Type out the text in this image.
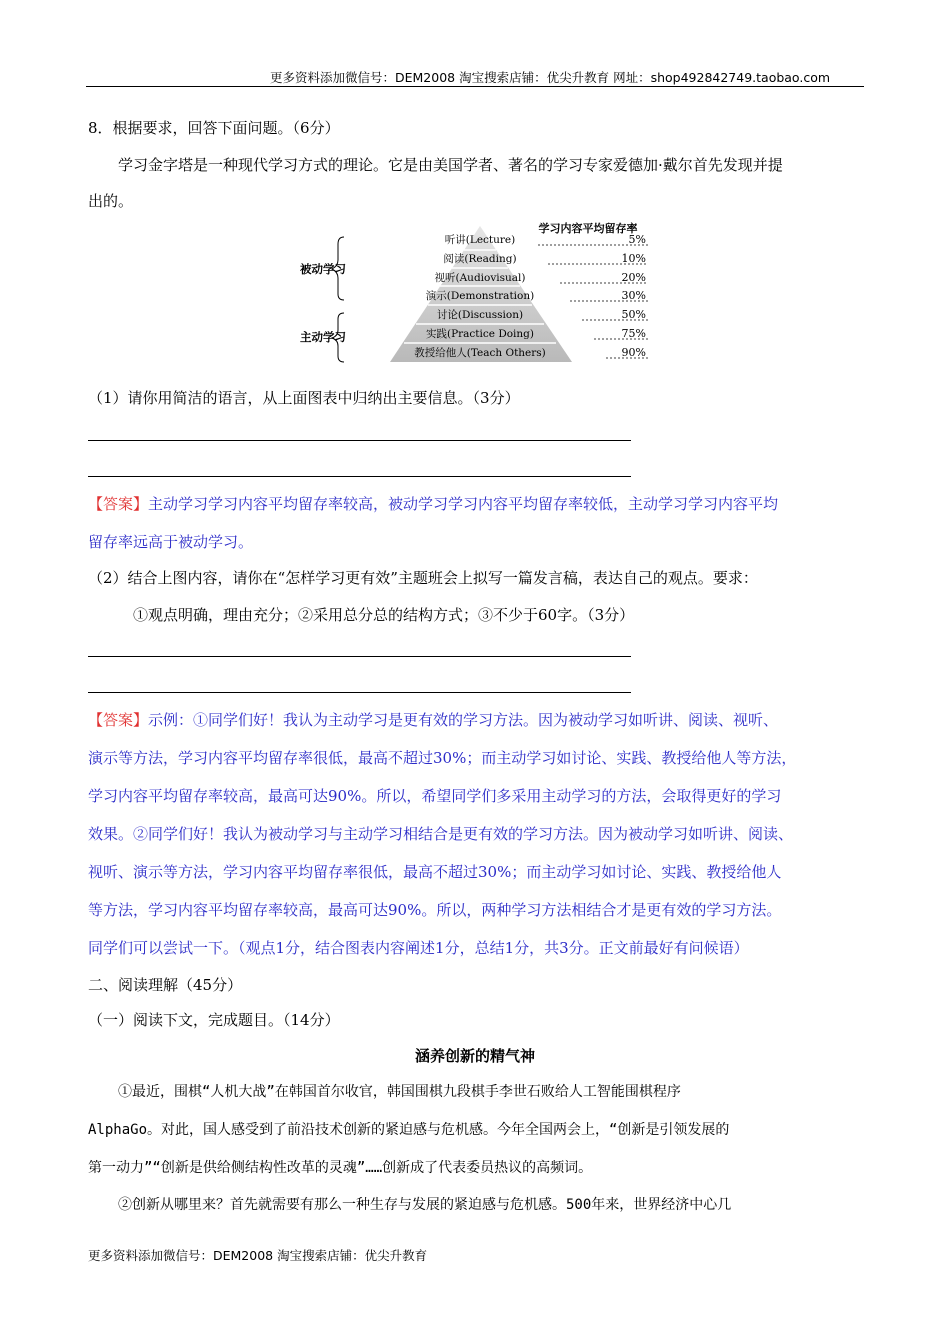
更多资料添加微信号：DEM2008 淘宝搜索店铺：优尖升教育 网址：shop492842749.taobao.com
8．根据要求，回答下面问题。（6分）
学习金字塔是一种现代学习方式的理论。它是由美国学者、著名的学习专家爱德加·戴尔首先发现并提
出的。
学习内容平均留存率
被动学习
主动学习
听讲(Lecture)	5%
阅读(Reading)	10%
视听(Audiovisual)	20%
演示(Demonstration)	30%
讨论(Discussion)	50%
实践(Practice Doing)	75%
教授给他人(Teach Others)	90%
（1）请你用简洁的语言，从上面图表中归纳出主要信息。（3分）
【答案】主动学习学习内容平均留存率较高，被动学习学习内容平均留存率较低，主动学习学习内容平均
留存率远高于被动学习。
（2）结合上图内容，请你在“怎样学习更有效”主题班会上拟写一篇发言稿，表达自己的观点。要求：
①观点明确，理由充分；②采用总分总的结构方式；③不少于60字。（3分）
【答案】示例：①同学们好！我认为主动学习是更有效的学习方法。因为被动学习如听讲、阅读、视听、
演示等方法，学习内容平均留存率很低，最高不超过30%；而主动学习如讨论、实践、教授给他人等方法，
学习内容平均留存率较高，最高可达90%。所以，希望同学们多采用主动学习的方法，会取得更好的学习
效果。②同学们好！我认为被动学习与主动学习相结合是更有效的学习方法。因为被动学习如听讲、阅读、
视听、演示等方法，学习内容平均留存率很低，最高不超过30%；而主动学习如讨论、实践、教授给他人
等方法，学习内容平均留存率较高，最高可达90%。所以，两种学习方法相结合才是更有效的学习方法。
同学们可以尝试一下。（观点1分，结合图表内容阐述1分，总结1分，共3分。正文前最好有问候语）
二、阅读理解（45分）
（一）阅读下文，完成题目。（14分）
涵养创新的精气神
①最近，围棋“人机大战”在韩国首尔收官，韩国围棋九段棋手李世石败给人工智能围棋程序
AlphaGo。对此，国人感受到了前沿技术创新的紧迫感与危机感。今年全国两会上，“创新是引领发展的
第一动力”“创新是供给侧结构性改革的灵魂”……创新成了代表委员热议的高频词。
②创新从哪里来？首先就需要有那么一种生存与发展的紧迫感与危机感。500年来，世界经济中心几
更多资料添加微信号：DEM2008 淘宝搜索店铺：优尖升教育
